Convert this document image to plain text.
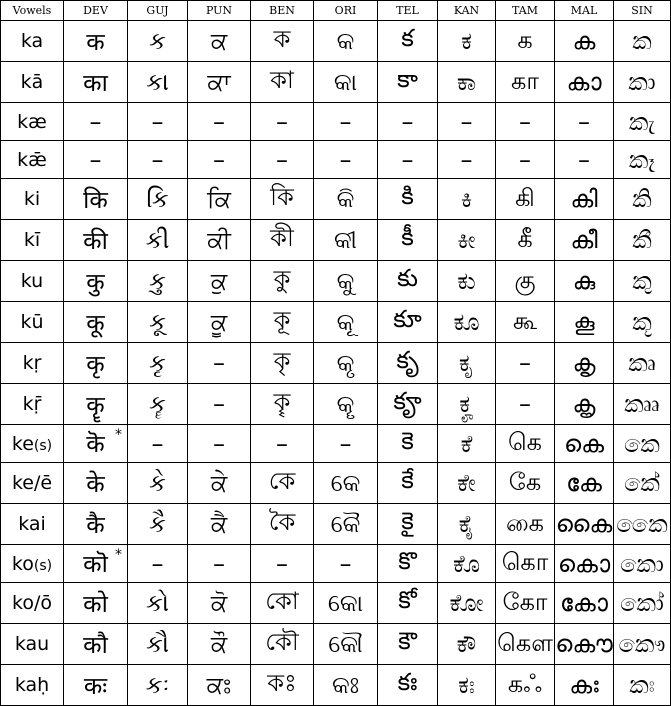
Vowels	DEV	GUJ	PUN	BEN	ORI	TEL	KAN	TAM	MAL	SIN
ka	क	ક	ਕ	ক	କ	క	ಕ	க	ക	ක
kā	का	કા	ਕਾ	কা	କା	కా	ಕಾ	கா	കാ	කා
kæ	–	–	–	–	–	–	–	–	–	කැ
kǣ	–	–	–	–	–	–	–	–	–	කෑ
ki	कि	કિ	ਕਿ	কি	କି	కి	ಕಿ	கி	കി	කි
kī	की	કી	ਕੀ	কী	କୀ	కీ	ಕೀ	கீ	കീ	කී
ku	कु	કુ	ਕੁ	কু	କୁ	కు	ಕು	கு	കു	කු
kū	कू	કૂ	ਕੂ	কূ	କୂ	కూ	ಕೂ	கூ	കൂ	කූ
kṛ	कृ	કૃ	–	কৃ	କୃ	కృ	ಕೃ	–	കൃ	කෘ
kṝ	कॄ	કૄ	–	কৄ	କୄ	కౄ	ಕೄ	–	കൄ	කෲ
ke(s)	कॆ *	–	–	–	–	కె	ಕೆ	கெ	കെ	කෙ
ke/ē	के	કે	ਕੇ	কে	କେ	కే	ಕೇ	கே	കേ	කේ
kai	कै	કૈ	ਕੈ	কৈ	କୈ	కై	ಕೈ	கை	കൈ	කෛ
ko(s)	कॊ *	–	–	–	–	కొ	ಕೊ	கொ	കൊ	කො
ko/ō	को	કો	ਕੋ	কো	କୋ	కో	ಕೋ	கோ	കോ	කෝ
kau	कौ	કૌ	ਕੌ	কৌ	କୌ	కౌ	ಕೌ	கௌ	കൌ	කෞ
kaḥ	कः	કઃ	ਕਃ	কঃ	କଃ	కః	ಕಃ	கஃ	കഃ	කඃ
